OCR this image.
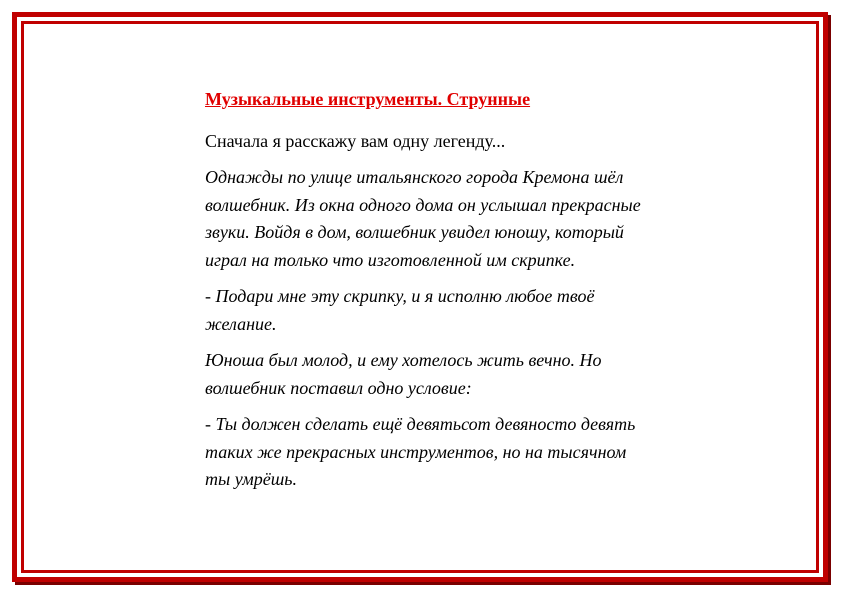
Музыкальные инструменты. Струнные
Сначала я расскажу вам одну легенду...
Однажды по улице итальянского города Кремона шёл
волшебник. Из окна одного дома он услышал прекрасные
звуки. Войдя в дом, волшебник увидел юношу, который
играл на только что изготовленной им скрипке.
- Подари мне эту скрипку, и я исполню любое твоё
желание.
Юноша был молод, и ему хотелось жить вечно. Но
волшебник поставил одно условие:
- Ты должен сделать ещё девятьсот девяносто девять
таких же прекрасных инструментов, но на тысячном
ты умрёшь.
